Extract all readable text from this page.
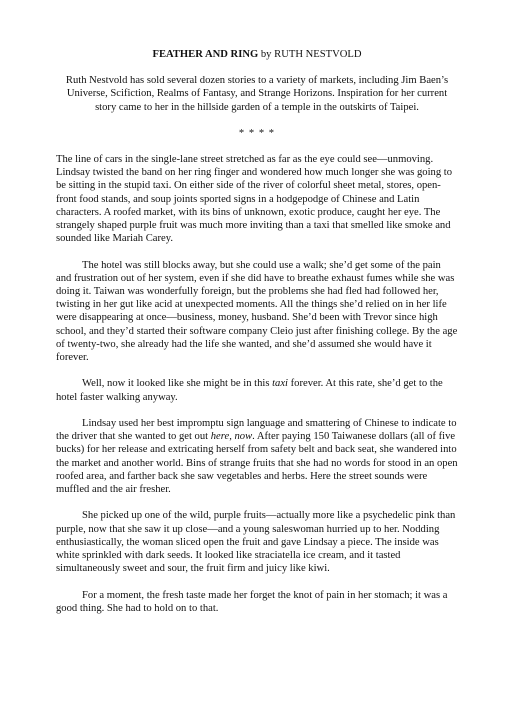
FEATHER AND RING by RUTH NESTVOLD
Ruth Nestvold has sold several dozen stories to a variety of markets, including Jim Baen’s Universe, Scifiction, Realms of Fantasy, and Strange Horizons. Inspiration for her current story came to her in the hillside garden of a temple in the outskirts of Taipei.
* * * *

The line of cars in the single-lane street stretched as far as the eye could see—unmoving. Lindsay twisted the band on her ring finger and wondered how much longer she was going to be sitting in the stupid taxi. On either side of the river of colorful sheet metal, stores, open-front food stands, and soup joints sported signs in a hodgepodge of Chinese and Latin characters. A roofed market, with its bins of unknown, exotic produce, caught her eye. The strangely shaped purple fruit was much more inviting than a taxi that smelled like smoke and sounded like Mariah Carey.

The hotel was still blocks away, but she could use a walk; she’d get some of the pain and frustration out of her system, even if she did have to breathe exhaust fumes while she was doing it. Taiwan was wonderfully foreign, but the problems she had fled had followed her, twisting in her gut like acid at unexpected moments. All the things she’d relied on in her life were disappearing at once—business, money, husband. She’d been with Trevor since high school, and they’d started their software company Cleio just after finishing college. By the age of twenty-two, she already had the life she wanted, and she’d assumed she would have it forever.

Well, now it looked like she might be in this taxi forever. At this rate, she’d get to the hotel faster walking anyway.

Lindsay used her best impromptu sign language and smattering of Chinese to indicate to the driver that she wanted to get out here, now. After paying 150 Taiwanese dollars (all of five bucks) for her release and extricating herself from safety belt and back seat, she wandered into the market and another world. Bins of strange fruits that she had no words for stood in an open roofed area, and farther back she saw vegetables and herbs. Here the street sounds were muffled and the air fresher.

She picked up one of the wild, purple fruits—actually more like a psychedelic pink than purple, now that she saw it up close—and a young saleswoman hurried up to her. Nodding enthusiastically, the woman sliced open the fruit and gave Lindsay a piece. The inside was white sprinkled with dark seeds. It looked like straciatella ice cream, and it tasted simultaneously sweet and sour, the fruit firm and juicy like kiwi.

For a moment, the fresh taste made her forget the knot of pain in her stomach; it was a good thing. She had to hold on to that.
